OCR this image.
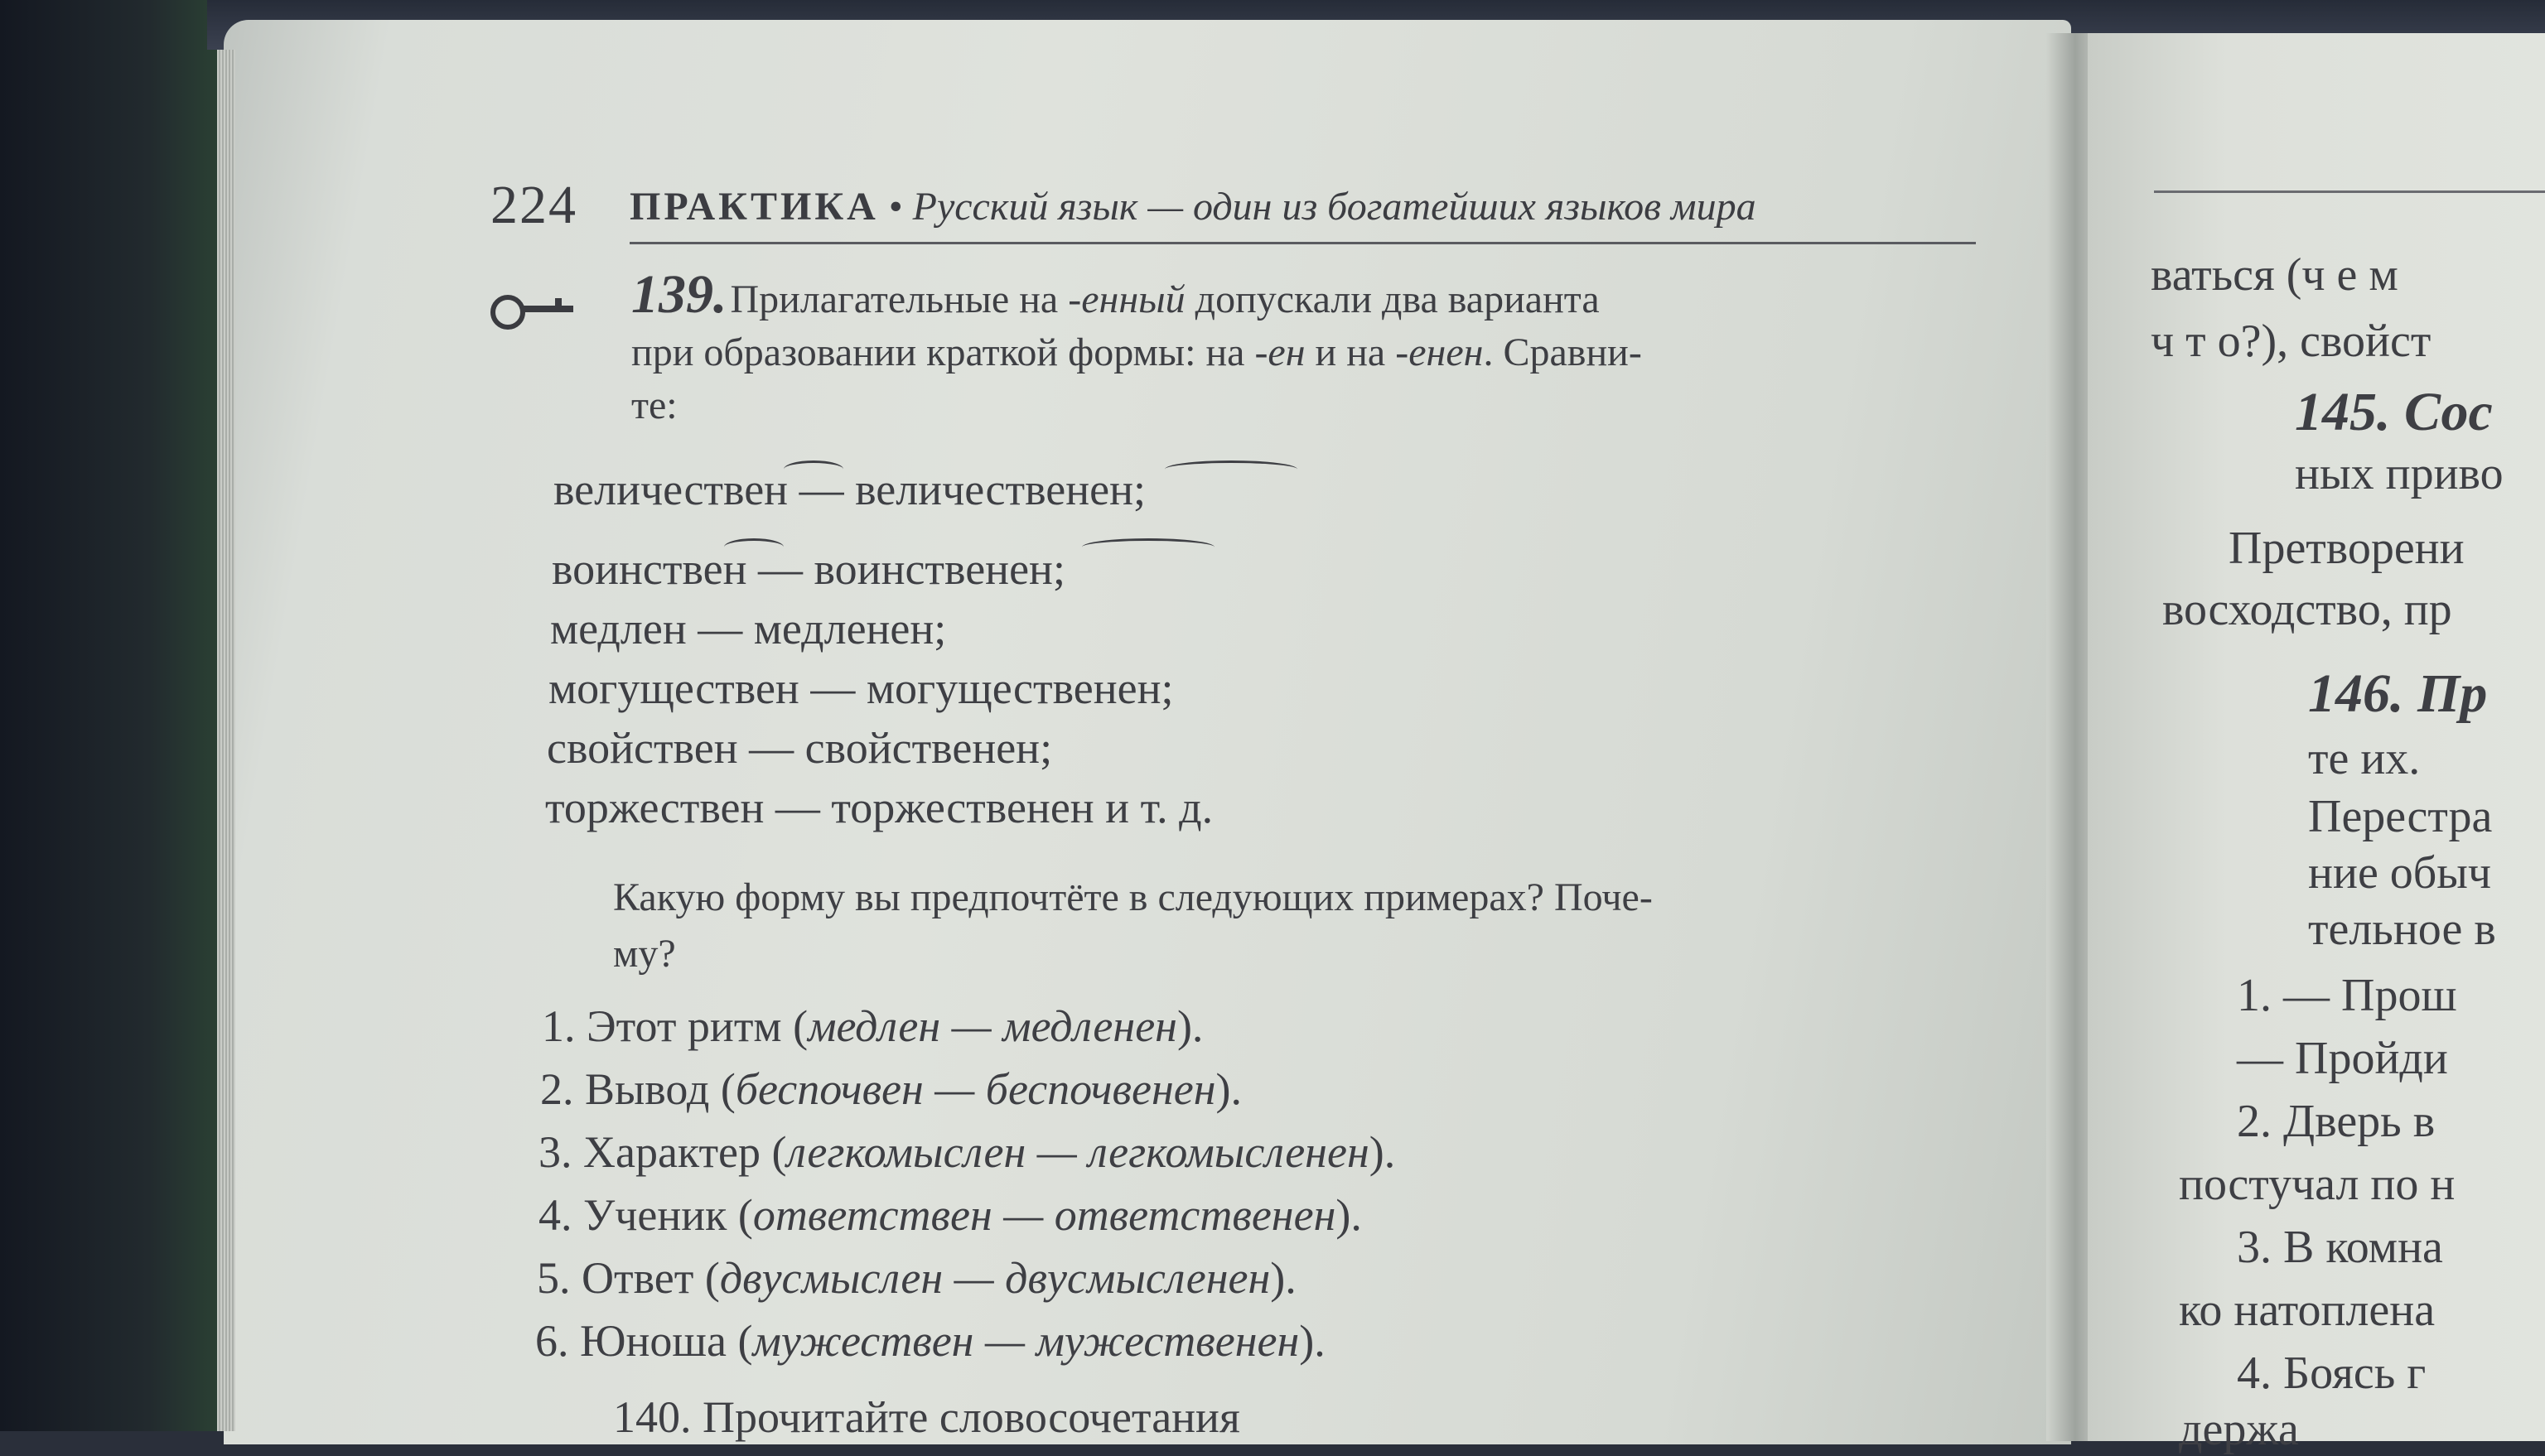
224 ПРАКТИКА • Русский язык — один из богатейших языков мира
139. Прилагательные на -енный допускали два варианта
при образовании краткой формы: на -ен и на -енен. Сравни-
те:
величествен — величественен;
воинствен — воинственен;
медлен — медленен;
могуществен — могущественен;
свойствен — свойственен;
торжествен — торжественен и т. д.
Какую форму вы предпочтёте в следующих примерах? Поче-
му?
1. Этот ритм (медлен — медленен).
2. Вывод (беспочвен — беспочвенен).
3. Характер (легкомыслен — легкомысленен).
4. Ученик (ответствен — ответственен).
5. Ответ (двусмыслен — двусмысленен).
6. Юноша (мужествен — мужественен).
140. Прочитайте словосочетания
ваться (ч е м
ч т о?), свойст
145. Сос
ных приво
Претворени
восходство, пр
146. Пр
те их.
Перестра
ние обыч
тельное в
1. — Прош
— Пройди
2. Дверь в
постучал по н
3. В комна
ко натоплена
4. Боясь г
держа
